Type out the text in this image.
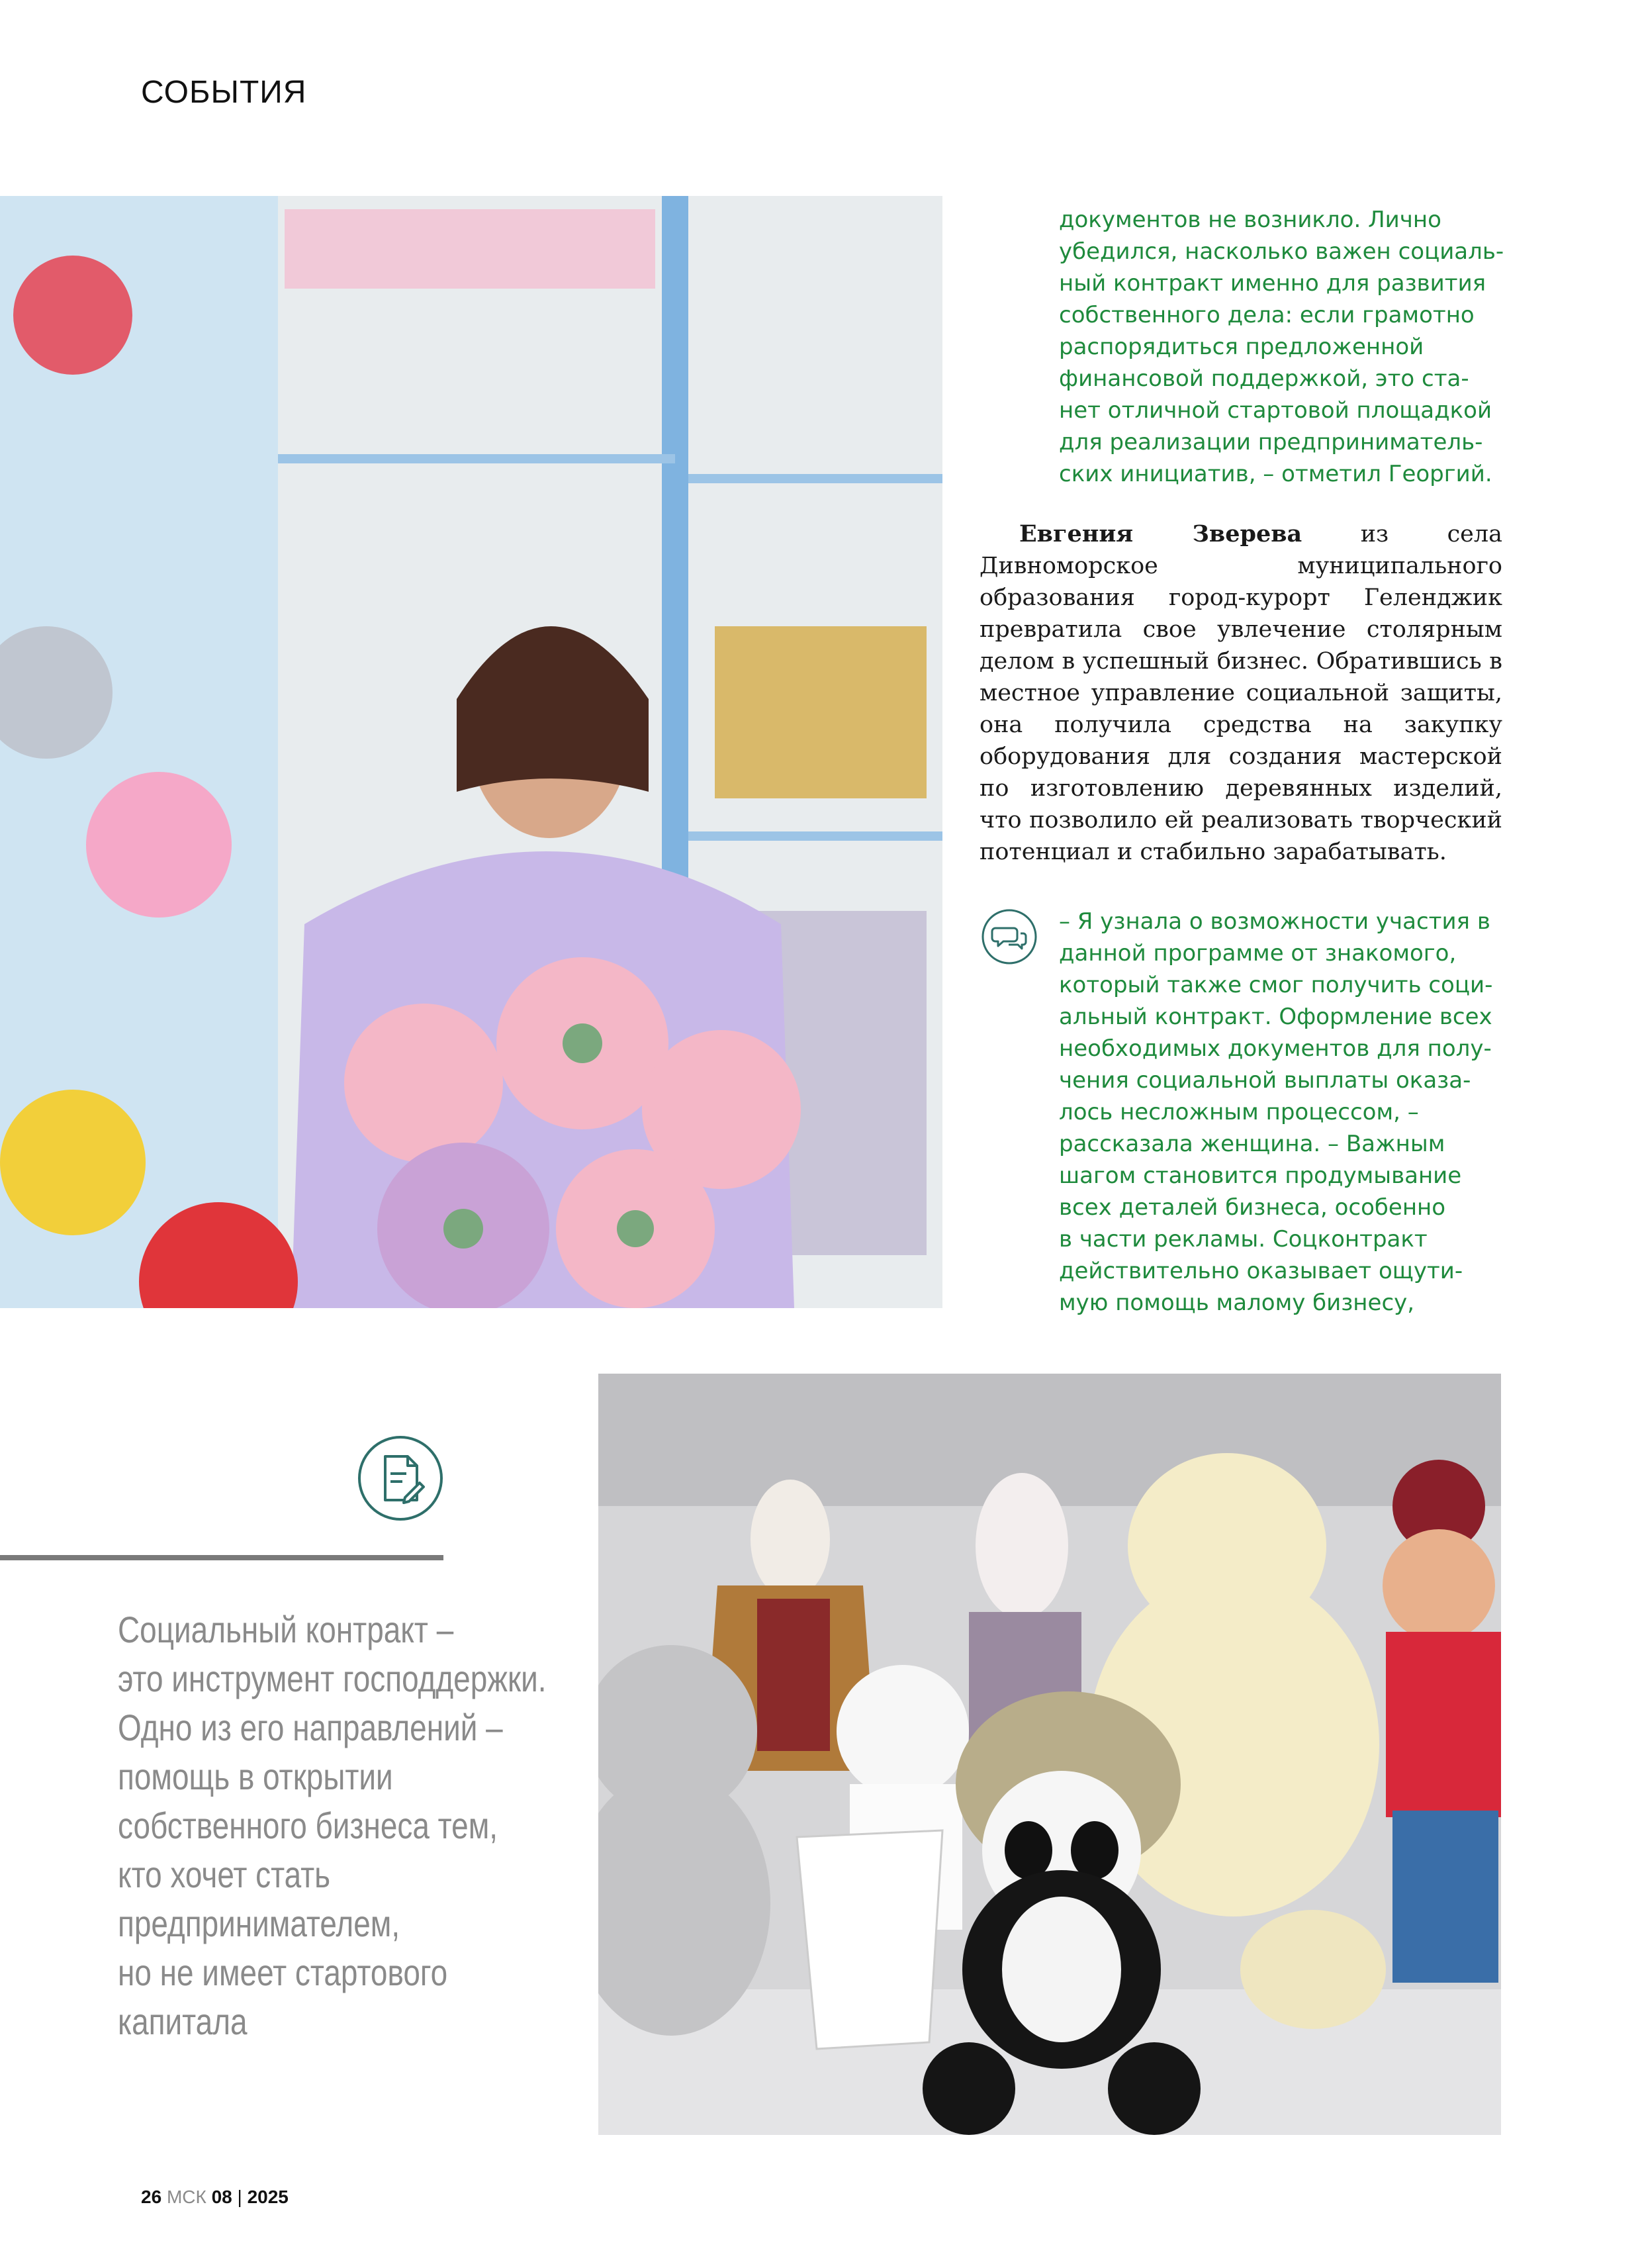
СОБЫТИЯ

документов не возникло. Лично

убедился, насколько важен социаль-

ный контракт именно для развития

собственного дела: если грамотно

распорядиться предложенной

финансовой поддержкой, это ста-

нет отличной стартовой площадкой

для реализации предприниматель-

ских инициатив, – отметил Георгий.

Евгения Зверева из села Дивноморское муниципального образования город-курорт Геленджик превратила свое увлечение столярным делом в успешный бизнес. Обратившись в местное управление социальной защиты, она получила средства на закупку оборудования для создания мастерской по изготовлению деревянных изделий, что позволило ей реализовать творческий потенциал и стабильно зарабатывать.

– Я узнала о возможности участия в

данной программе от знакомого,

который также смог получить соци-

альный контракт. Оформление всех

необходимых документов для полу-

чения социальной выплаты оказа-

лось несложным процессом, –

рассказала женщина. – Важным

шагом становится продумывание

всех деталей бизнеса, особенно

в части рекламы. Соцконтракт

действительно оказывает ощути-

мую помощь малому бизнесу,

Социальный контракт –
это инструмент господдержки.
Одно из его направлений –
помощь в открытии
собственного бизнеса тем,
кто хочет стать
предпринимателем,
но не имеет стартового
капитала
26 МСК 08 | 2025
